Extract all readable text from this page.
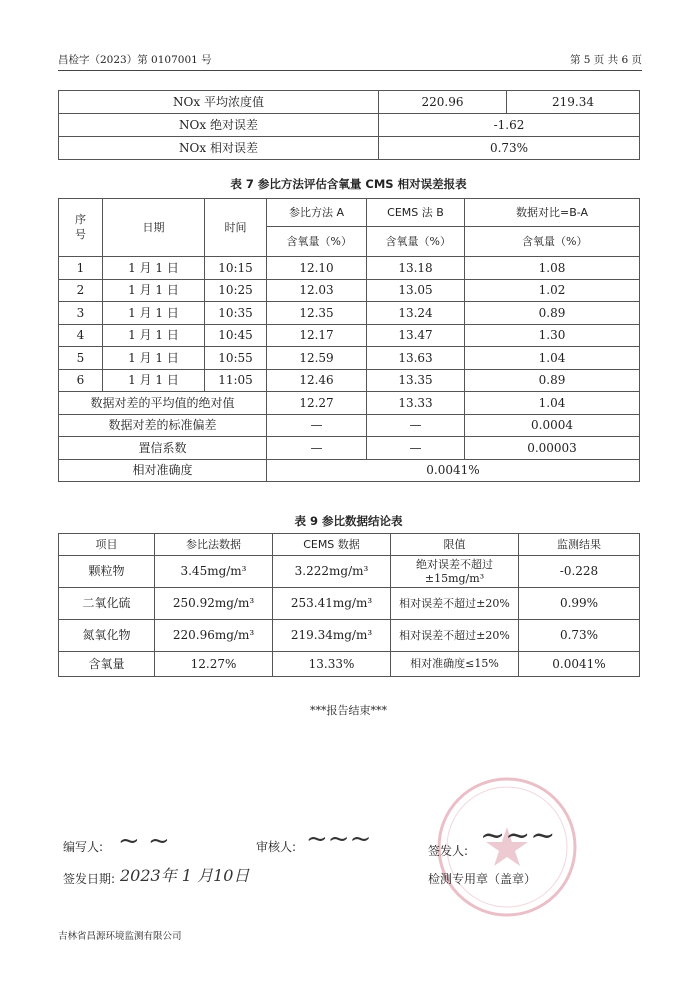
昌检字（2023）第 0107001 号	第 5 页 共 6 页
NOx 平均浓度值	220.96	219.34
NOx 绝对误差	-1.62	
NOx 相对误差	0.73%	
表 7 参比方法评估含氧量 CMS 相对误差报表
序号	日期	时间	参比方法 A	CEMS 法 B	数据对比=B-A
			含氧量（%）	含氧量（%）	含氧量（%）
1	1 月 1 日	10:15	12.10	13.18	1.08
2	1 月 1 日	10:25	12.03	13.05	1.02
3	1 月 1 日	10:35	12.35	13.24	0.89
4	1 月 1 日	10:45	12.17	13.47	1.30
5	1 月 1 日	10:55	12.59	13.63	1.04
6	1 月 1 日	11:05	12.46	13.35	0.89
数据对差的平均值的绝对值			12.27	13.33	1.04
数据对差的标准偏差			—	—	0.0004
置信系数			—	—	0.00003
相对准确度			0.0041%		
表 9 参比数据结论表
项目	参比法数据	CEMS 数据	限值	监测结果
颗粒物	3.45mg/m³	3.222mg/m³	绝对误差不超过±15mg/m³	-0.228
二氧化硫	250.92mg/m³	253.41mg/m³	相对误差不超过±20%	0.99%
氮氧化物	220.96mg/m³	219.34mg/m³	相对误差不超过±20%	0.73%
含氧量	12.27%	13.33%	相对准确度≤15%	0.0041%
***报告结束***
编写人: ~ ~	审核人: ~~~	签发人: ~~~
签发日期: 2023年 1 月10日	检测专用章（盖章）
吉林省昌源环境监测有限公司
